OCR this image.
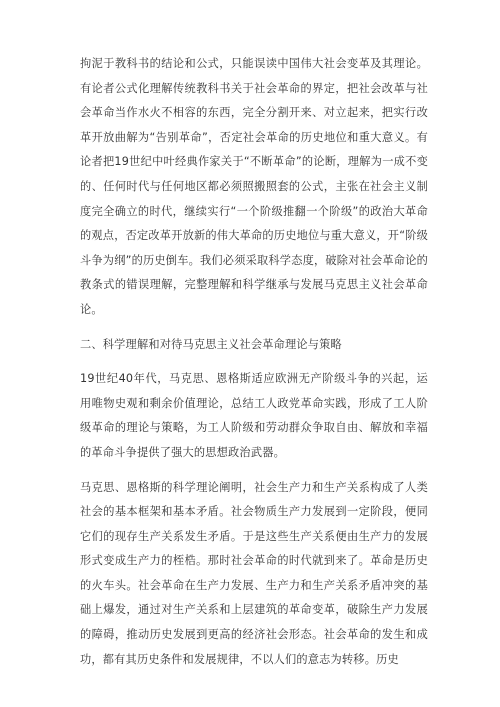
拘泥于教科书的结论和公式，只能误读中国伟大社会变革及其理论。有论者公式化理解传统教科书关于社会革命的界定，把社会改革与社会革命当作水火不相容的东西，完全分割开来、对立起来，把实行改革开放曲解为“告别革命”，否定社会革命的历史地位和重大意义。有论者把19世纪中叶经典作家关于“不断革命”的论断，理解为一成不变的、任何时代与任何地区都必须照搬照套的公式，主张在社会主义制度完全确立的时代，继续实行“一个阶级推翻一个阶级”的政治大革命的观点，否定改革开放新的伟大革命的历史地位与重大意义，开“阶级斗争为纲”的历史倒车。我们必须采取科学态度，破除对社会革命论的教条式的错误理解，完整理解和科学继承与发展马克思主义社会革命论。

二、科学理解和对待马克思主义社会革命理论与策略

19世纪40年代，马克思、恩格斯适应欧洲无产阶级斗争的兴起，运用唯物史观和剩余价值理论，总结工人政党革命实践，形成了工人阶级革命的理论与策略，为工人阶级和劳动群众争取自由、解放和幸福的革命斗争提供了强大的思想政治武器。

马克思、恩格斯的科学理论阐明，社会生产力和生产关系构成了人类社会的基本框架和基本矛盾。社会物质生产力发展到一定阶段，便同它们的现存生产关系发生矛盾。于是这些生产关系便由生产力的发展形式变成生产力的桎梏。那时社会革命的时代就到来了。革命是历史的火车头。社会革命在生产力发展、生产力和生产关系矛盾冲突的基础上爆发，通过对生产关系和上层建筑的革命变革，破除生产力发展的障碍，推动历史发展到更高的经济社会形态。社会革命的发生和成功，都有其历史条件和发展规律，不以人们的意志为转移。历史
